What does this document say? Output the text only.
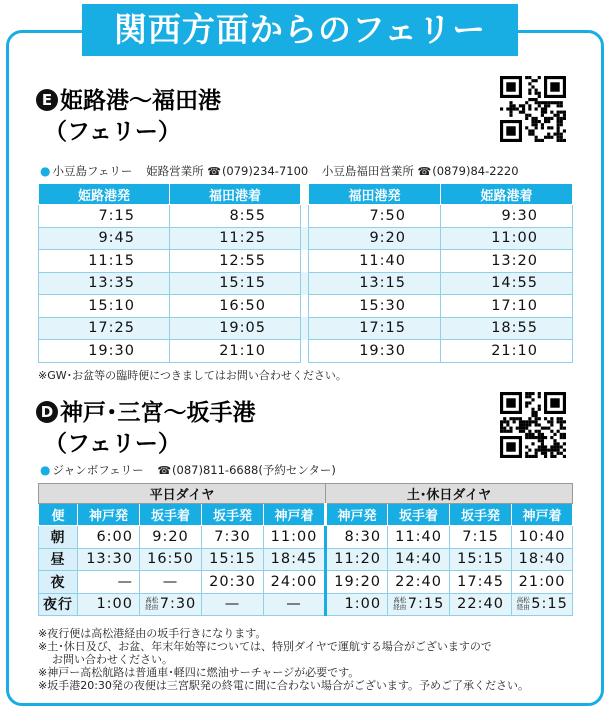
関西方面からのフェリー
E 姫路港〜福田港
（フェリー）
● 小豆島フェリー 姫路営業所 ☎(079)234-7100 小豆島福田営業所 ☎(0879)84-2220
姫路港発	福田港着		福田港発	姫路港着
7:15	8:55		7:50	9:30
9:45	11:25		9:20	11:00
11:15	12:55		11:40	13:20
13:35	15:15		13:15	14:55
15:10	16:50		15:30	17:10
17:25	19:05		17:15	18:55
19:30	21:10		19:30	21:10
※GW･お盆等の臨時便につきましてはお問い合わせください。
D 神戸･三宮〜坂手港
（フェリー）
● ジャンボフェリー ☎(087)811-6688(予約センター)
平日ダイヤ					土･休日ダイヤ			
便	神戸発	坂手着	坂手発	神戸着	神戸発	坂手着	坂手発	神戸着
朝	6:00	9:20	7:30	11:00	8:30	11:40	7:15	10:40
昼	13:30	16:50	15:15	18:45	11:20	14:40	15:15	18:40
夜	—	—	20:30	24:00	19:20	22:40	17:45	21:00
夜行	1:00	高松経由 7:30	—	—	1:00	高松経由 7:15	22:40	高松経由 5:15
※夜行便は高松港経由の坂手行きになります。
※土･休日及び、お盆、年末年始等については、特別ダイヤで運航する場合がございますので
お問い合わせください。
※神戸ー高松航路は普通車･軽四に燃油サーチャージが必要です。
※坂手港20:30発の夜便は三宮駅発の終電に間に合わない場合がございます。予めご了承ください。
